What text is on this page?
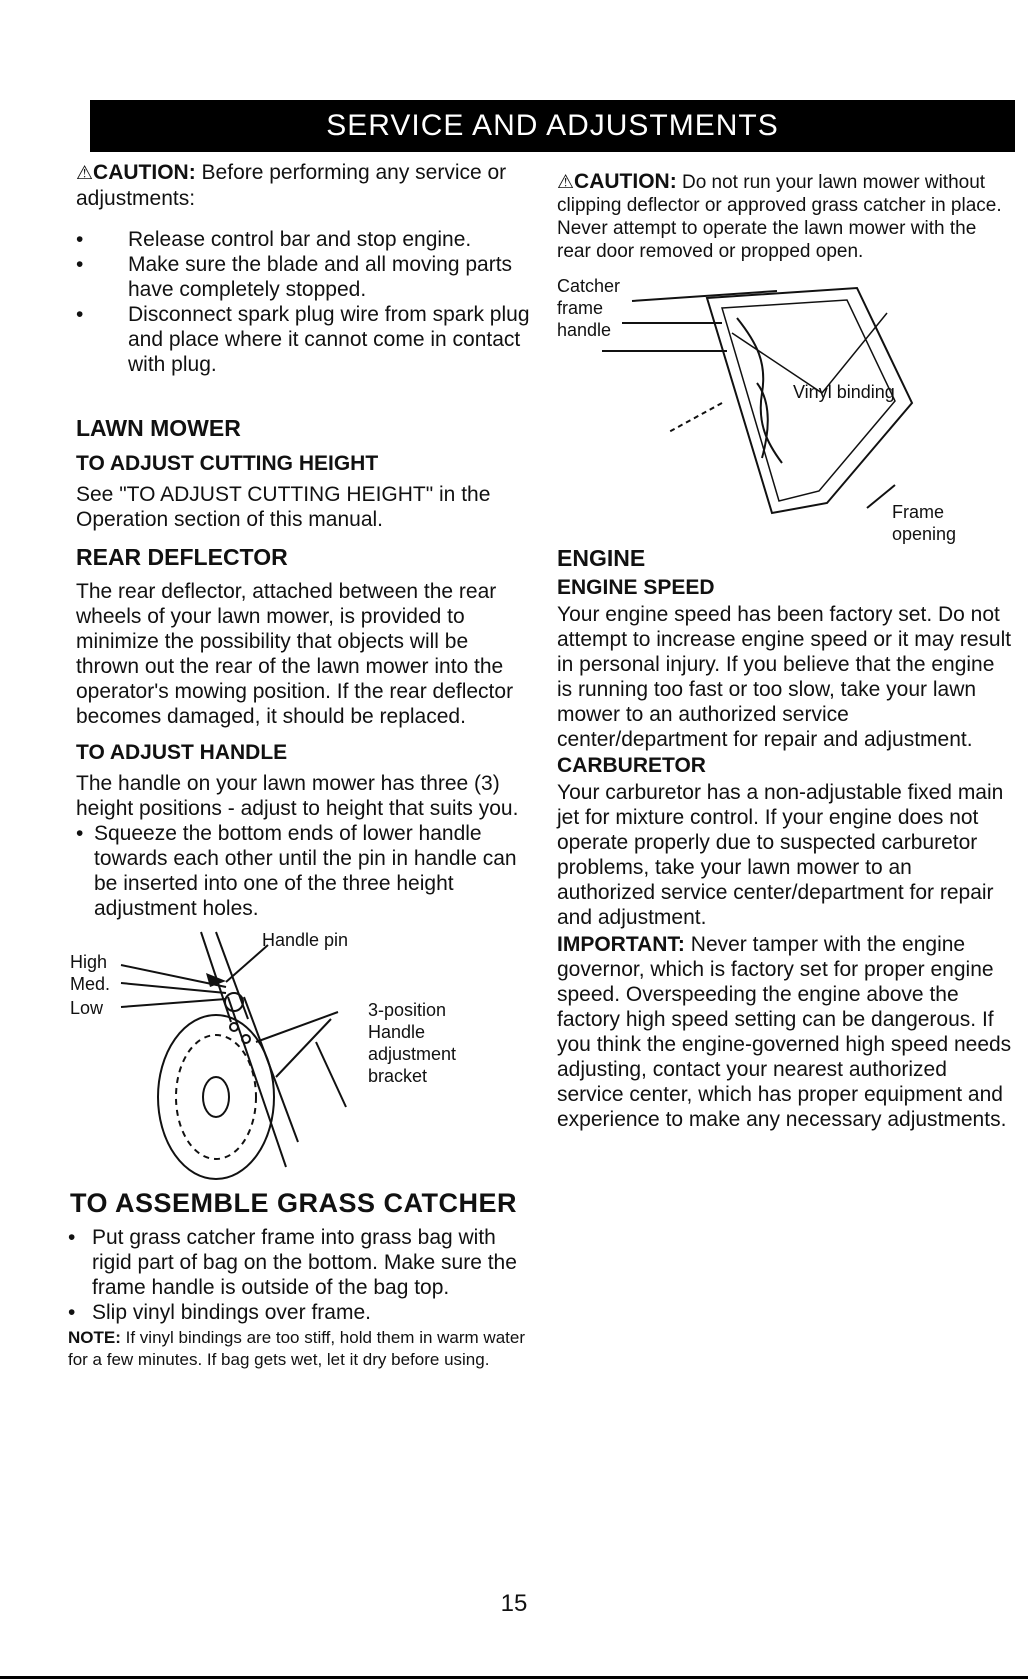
SERVICE AND ADJUSTMENTS

⚠CAUTION: Before performing any service or adjustments:

• Release control bar and stop engine.
• Make sure the blade and all moving parts have completely stopped.
• Disconnect spark plug wire from spark plug and place where it cannot come in contact with plug.
LAWN MOWER
TO ADJUST CUTTING HEIGHT

See "TO ADJUST CUTTING HEIGHT" in the Operation section of this manual.

REAR DEFLECTOR

The rear deflector, attached between the rear wheels of your lawn mower, is provided to minimize the possibility that objects will be thrown out the rear of the lawn mower into the operator's mowing position. If the rear deflector becomes damaged, it should be replaced.

TO ADJUST HANDLE

The handle on your lawn mower has three (3) height positions - adjust to height that suits you.

• Squeeze the bottom ends of lower handle towards each other until the pin in handle can be inserted into one of the three height adjustment holes.
Handle pin
High
Med.
Low	3-position
Handle
adjustment
bracket
TO ASSEMBLE GRASS CATCHER
• Put grass catcher frame into grass bag with rigid part of bag on the bottom. Make sure the frame handle is outside of the bag top.
• Slip vinyl bindings over frame.

NOTE: If vinyl bindings are too stiff, hold them in warm water for a few minutes. If bag gets wet, let it dry before using.

⚠CAUTION: Do not run your lawn mower without clipping deflector or approved grass catcher in place. Never attempt to operate the lawn mower with the rear door removed or propped open.

Catcher
frame
handle
Vinyl binding
Frame
opening
ENGINE
ENGINE SPEED

Your engine speed has been factory set. Do not attempt to increase engine speed or it may result in personal injury. If you believe that the engine is running too fast or too slow, take your lawn mower to an authorized service center/department for repair and adjustment.

CARBURETOR

Your carburetor has a non-adjustable fixed main jet for mixture control. If your engine does not operate properly due to suspected carburetor problems, take your lawn mower to an authorized service center/department for repair and adjustment.

IMPORTANT: Never tamper with the engine governor, which is factory set for proper engine speed. Overspeeding the engine above the factory high speed setting can be dangerous. If you think the engine-governed high speed needs adjusting, contact your nearest authorized service center, which has proper equipment and experience to make any necessary adjustments.

15
